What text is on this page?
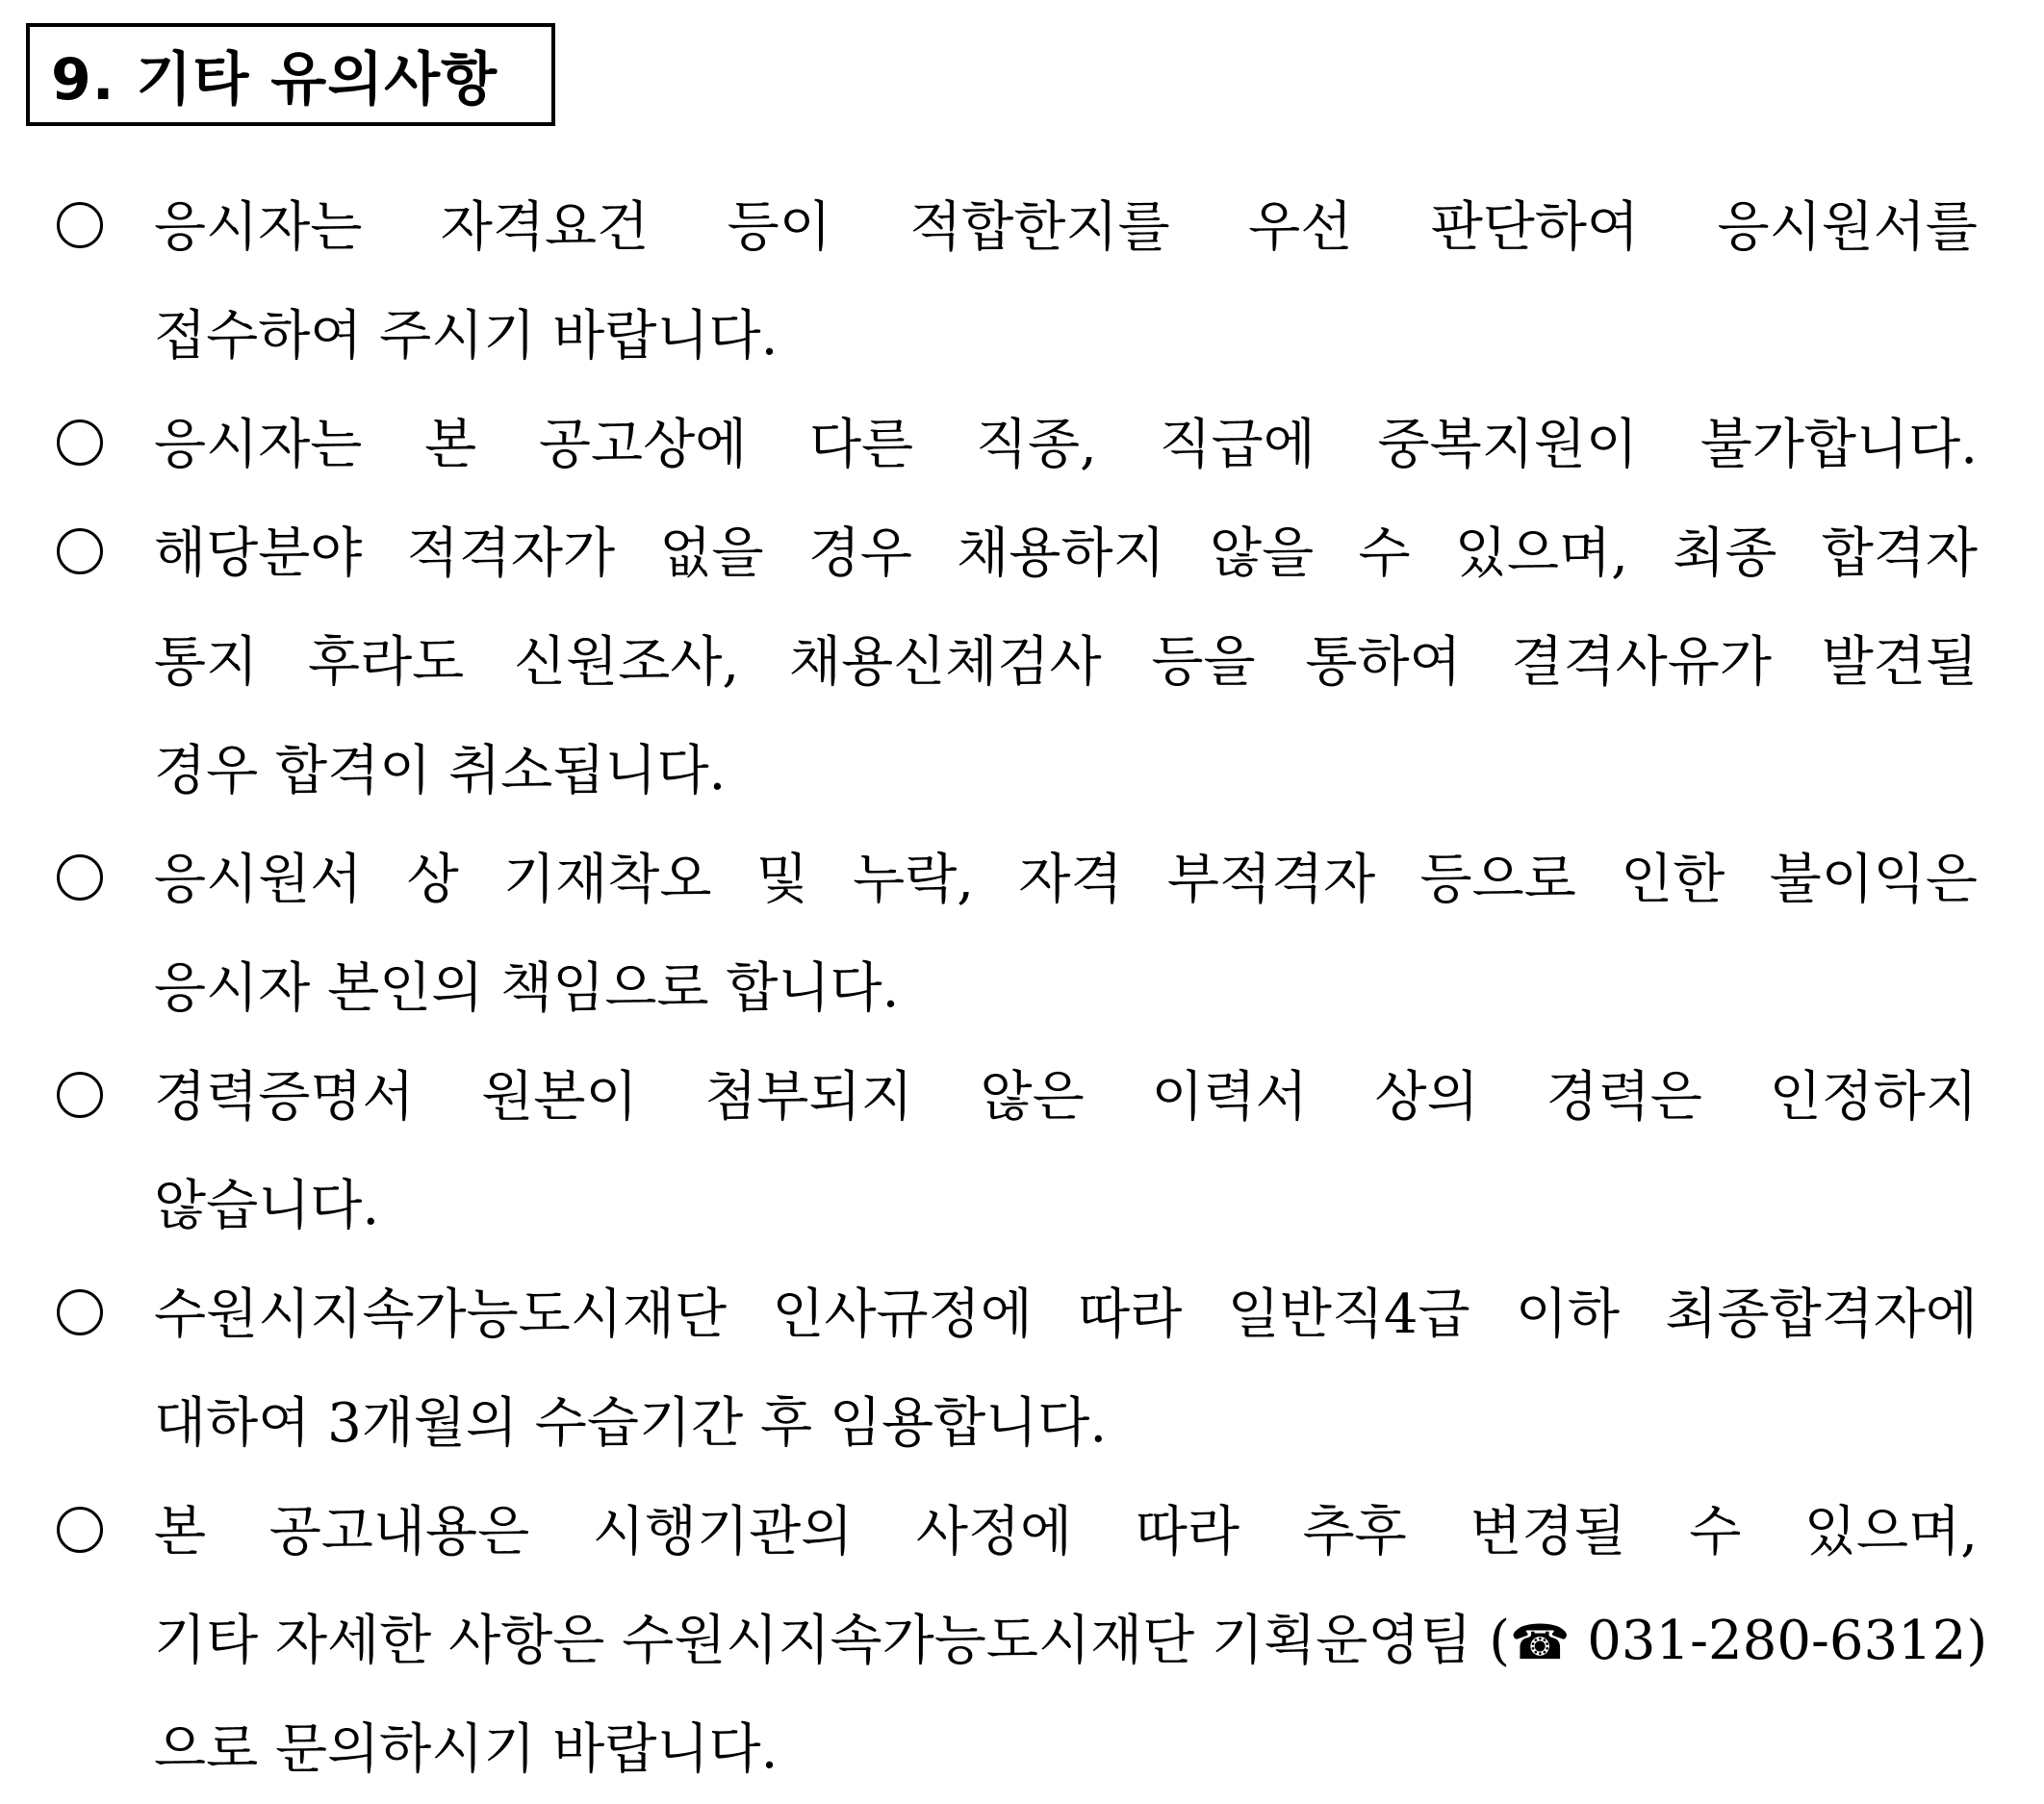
9. 기타 유의사항
응시자는 자격요건 등이 적합한지를 우선 판단하여 응시원서를
접수하여 주시기 바랍니다.
응시자는 본 공고상에 다른 직종, 직급에 중복지원이 불가합니다.
해당분야 적격자가 없을 경우 채용하지 않을 수 있으며, 최종 합격자
통지 후라도 신원조사, 채용신체검사 등을 통하여 결격사유가 발견될
경우 합격이 취소됩니다.
응시원서 상 기재착오 및 누락, 자격 부적격자 등으로 인한 불이익은
응시자 본인의 책임으로 합니다.
경력증명서 원본이 첨부되지 않은 이력서 상의 경력은 인정하지
않습니다.
수원시지속가능도시재단 인사규정에 따라 일반직4급 이하 최종합격자에
대하여 3개월의 수습기간 후 임용합니다.
본 공고내용은 시행기관의 사정에 따라 추후 변경될 수 있으며,
기타 자세한 사항은 수원시지속가능도시재단 기획운영팀 (☎ 031-280-6312)
으로 문의하시기 바랍니다.
